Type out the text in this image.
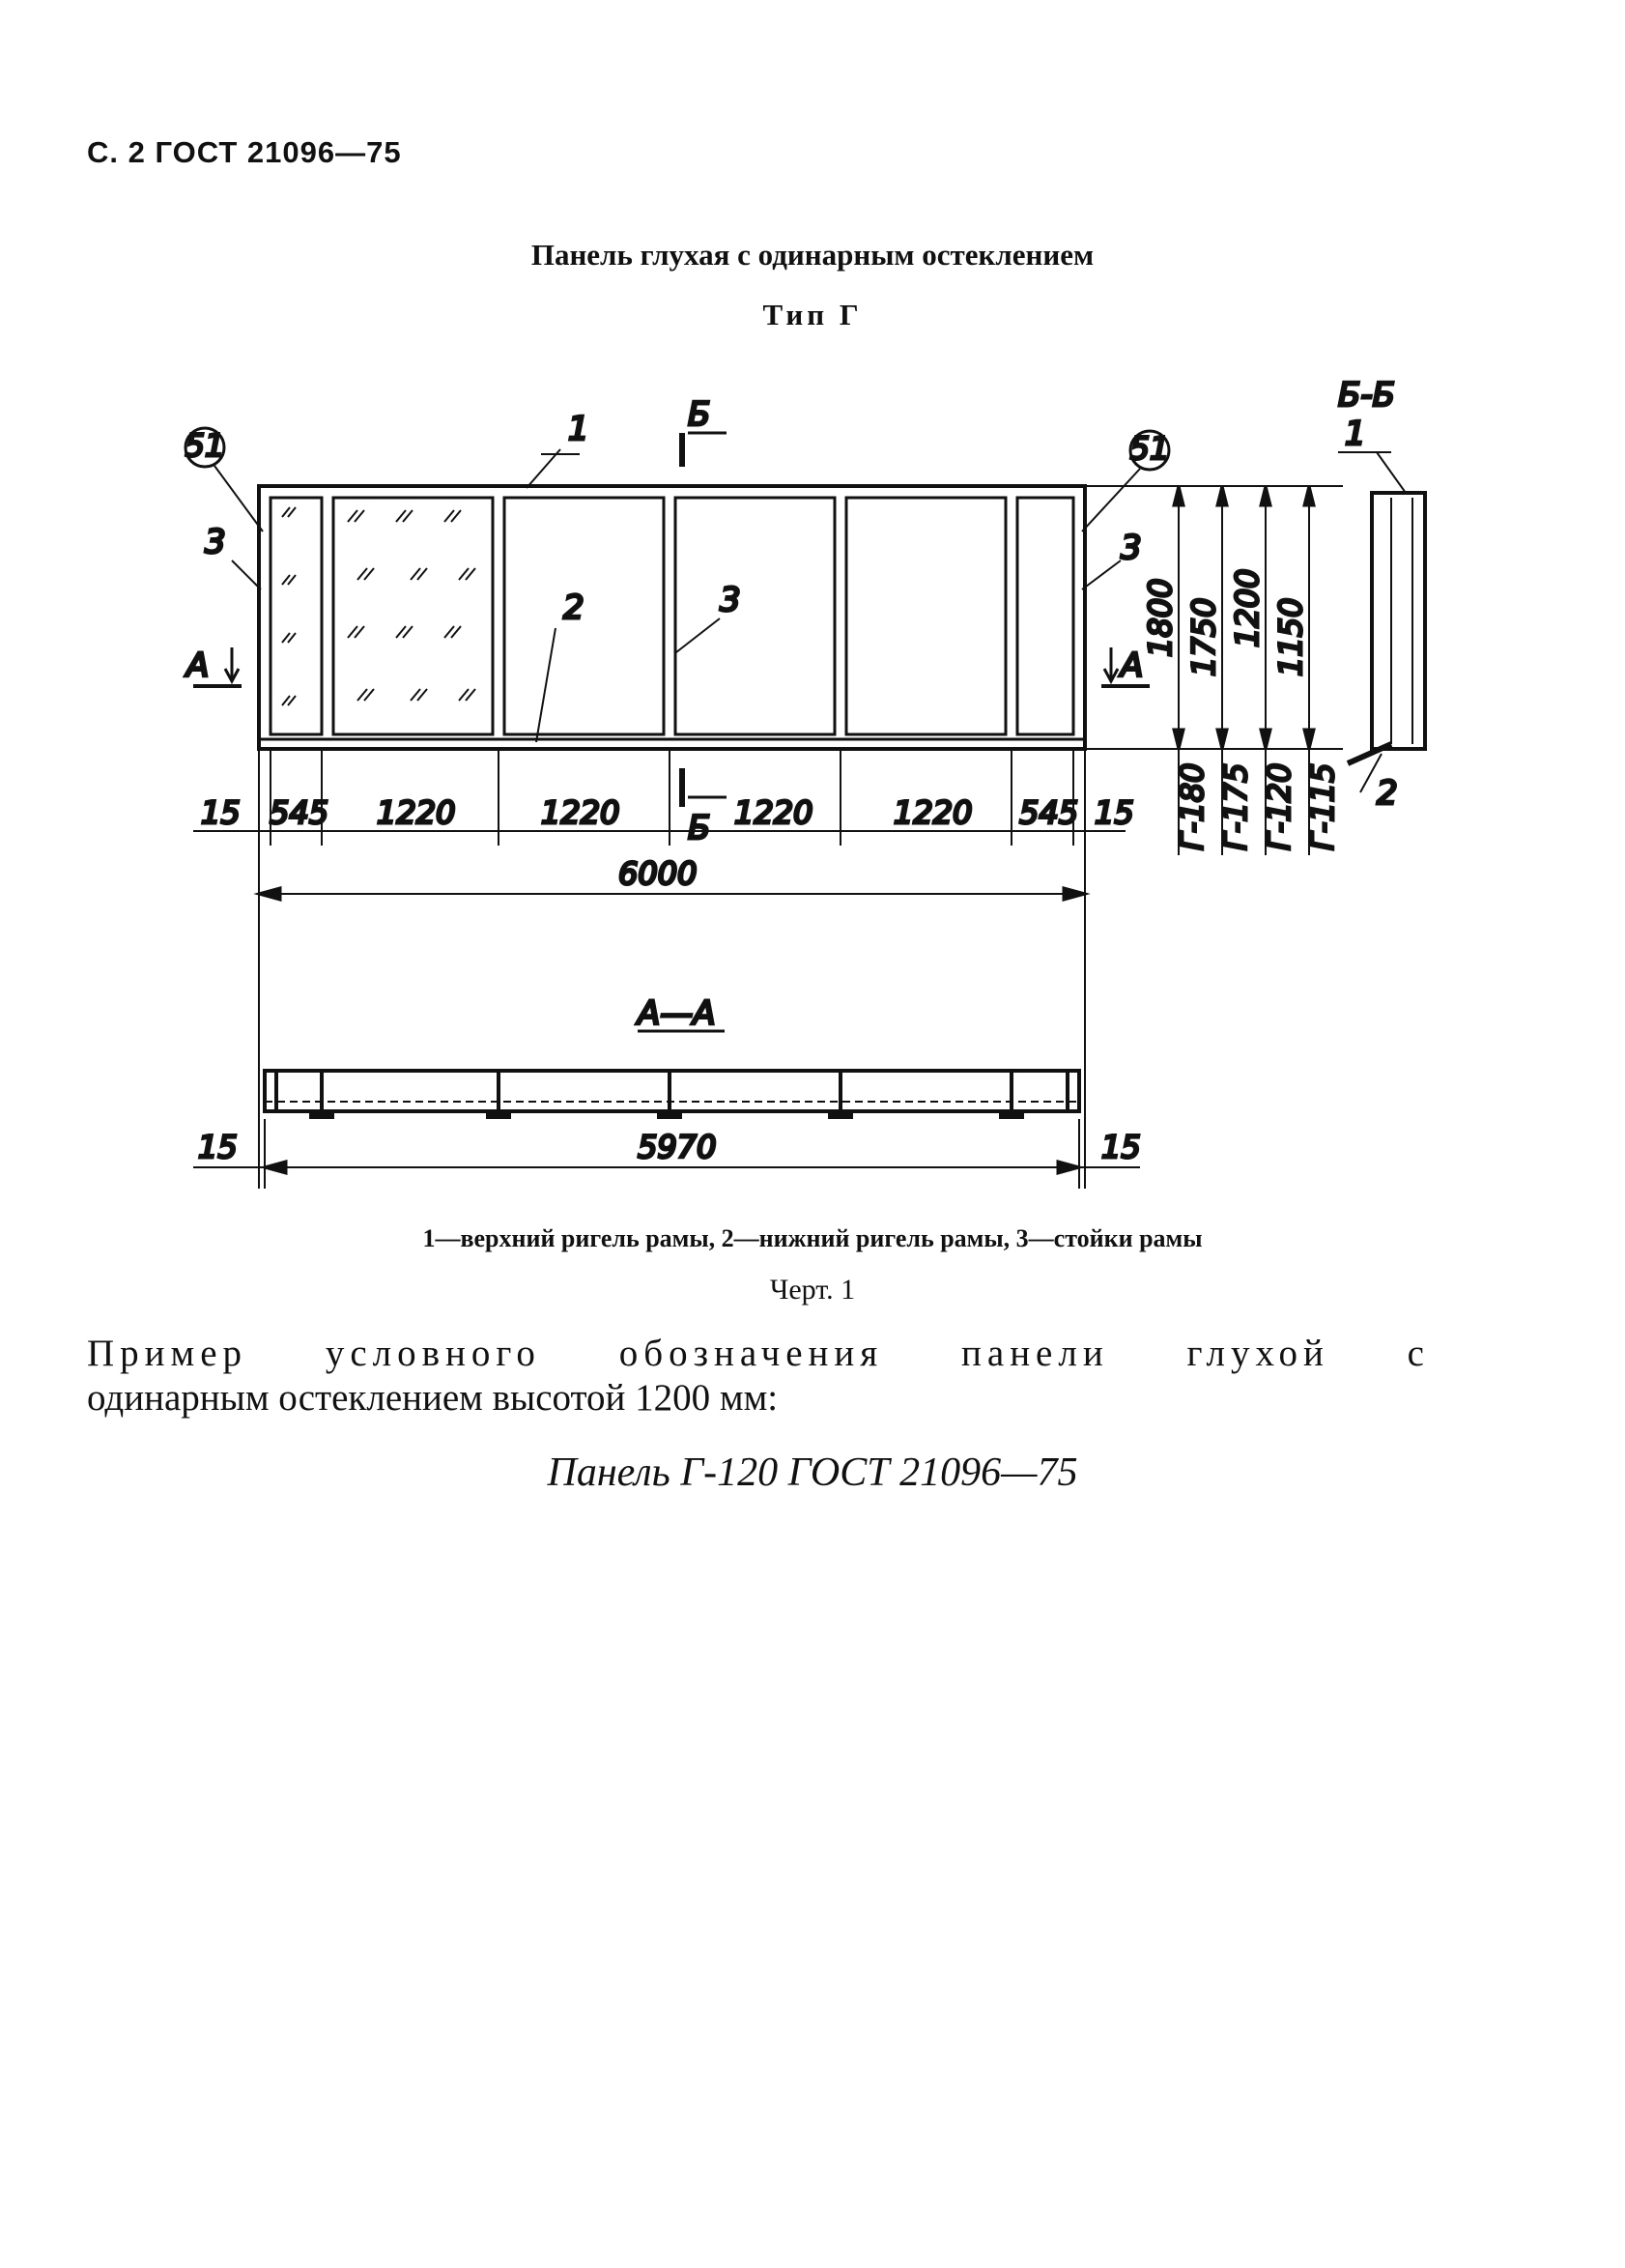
С. 2 ГОСТ 21096—75
Панель глухая с одинарным остеклением
Тип Г
Б-Б
1
2
Б
Б
А	А
51	51
1
2
3	3
3
15 545 1220	1220	1220	1220 545 15
6000
А—А
5970
15	15
1800 1750 1200 1150
Г-180 Г-175 Г-120 Г-115
1—верхний ригель рамы, 2—нижний ригель рамы, 3—стойки рамы
Черт. 1
Пример условного обозначения панели глухой с
одинарным остеклением высотой 1200 мм:
Панель Г-120 ГОСТ 21096—75
